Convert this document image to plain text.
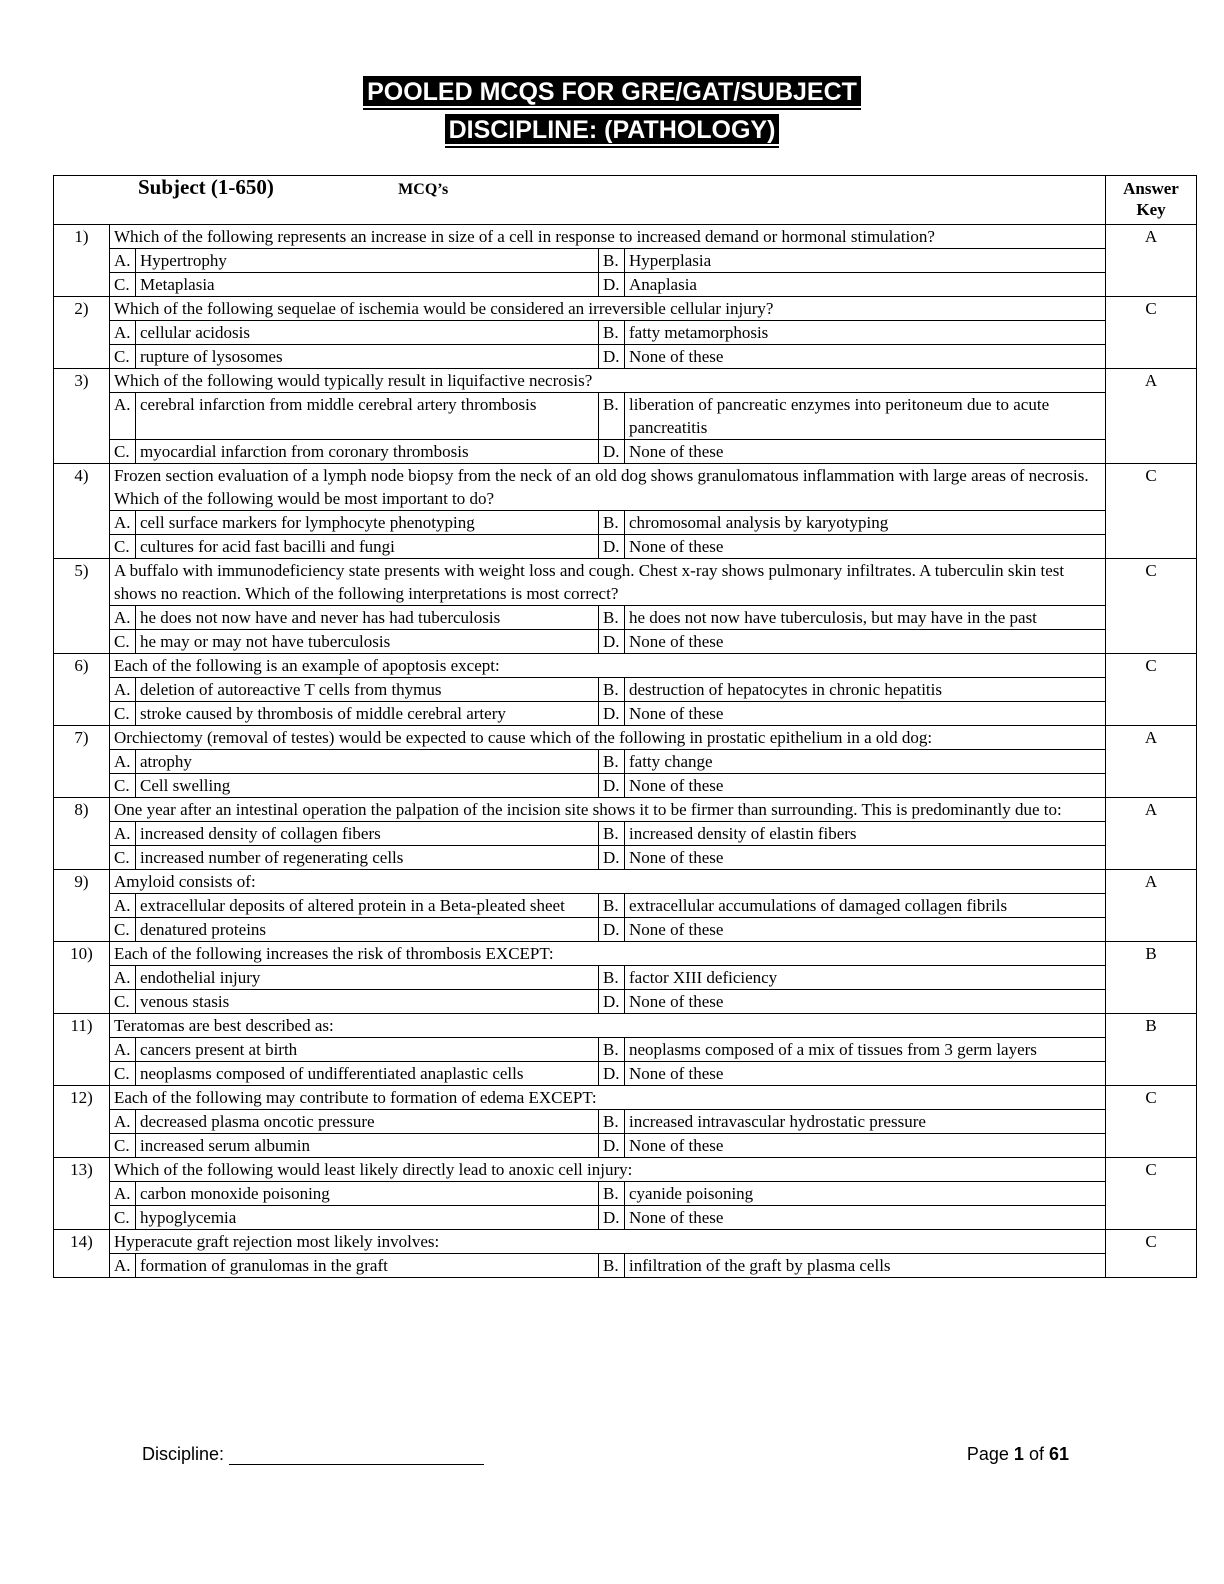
POOLED MCQS FOR GRE/GAT/SUBJECT
DISCIPLINE: (PATHOLOGY)
Subject (1-650) MCQ’s					Answer Key
1)	Which of the following represents an increase in size of a cell in response to increased demand or hormonal stimulation?				A
	A.	Hypertrophy	B.	Hyperplasia	
	C.	Metaplasia	D.	Anaplasia	
2)	Which of the following sequelae of ischemia would be considered an irreversible cellular injury?				C
	A.	cellular acidosis	B.	fatty metamorphosis	
	C.	rupture of lysosomes	D.	None of these	
3)	Which of the following would typically result in liquifactive necrosis?				A
	A.	cerebral infarction from middle cerebral artery thrombosis	B.	liberation of pancreatic enzymes into peritoneum due to acute pancreatitis	
	C.	myocardial infarction from coronary thrombosis	D.	None of these	
4)	Frozen section evaluation of a lymph node biopsy from the neck of an old dog shows granulomatous inflammation with large areas of necrosis. Which of the following would be most important to do?				C
	A.	cell surface markers for lymphocyte phenotyping	B.	chromosomal analysis by karyotyping	
	C.	cultures for acid fast bacilli and fungi	D.	None of these	
5)	A buffalo with immunodeficiency state presents with weight loss and cough. Chest x-ray shows pulmonary infiltrates. A tuberculin skin test shows no reaction. Which of the following interpretations is most correct?				C
	A.	he does not now have and never has had tuberculosis	B.	he does not now have tuberculosis, but may have in the past	
	C.	he may or may not have tuberculosis	D.	None of these	
6)	Each of the following is an example of apoptosis except:				C
	A.	deletion of autoreactive T cells from thymus	B.	destruction of hepatocytes in chronic hepatitis	
	C.	stroke caused by thrombosis of middle cerebral artery	D.	None of these	
7)	Orchiectomy (removal of testes) would be expected to cause which of the following in prostatic epithelium in a old dog:				A
	A.	atrophy	B.	fatty change	
	C.	Cell swelling	D.	None of these	
8)	One year after an intestinal operation the palpation of the incision site shows it to be firmer than surrounding. This is predominantly due to:				A
	A.	increased density of collagen fibers	B.	increased density of elastin fibers	
	C.	increased number of regenerating cells	D.	None of these	
9)	Amyloid consists of:				A
	A.	extracellular deposits of altered protein in a Beta-pleated sheet	B.	extracellular accumulations of damaged collagen fibrils	
	C.	denatured proteins	D.	None of these	
10)	Each of the following increases the risk of thrombosis EXCEPT:				B
	A.	endothelial injury	B.	factor XIII deficiency	
	C.	venous stasis	D.	None of these	
11)	Teratomas are best described as:				B
	A.	cancers present at birth	B.	neoplasms composed of a mix of tissues from 3 germ layers	
	C.	neoplasms composed of undifferentiated anaplastic cells	D.	None of these	
12)	Each of the following may contribute to formation of edema EXCEPT:				C
	A.	decreased plasma oncotic pressure	B.	increased intravascular hydrostatic pressure	
	C.	increased serum albumin	D.	None of these	
13)	Which of the following would least likely directly lead to anoxic cell injury:				C
	A.	carbon monoxide poisoning	B.	cyanide poisoning	
	C.	hypoglycemia	D.	None of these	
14)	Hyperacute graft rejection most likely involves:				C
	A.	formation of granulomas in the graft	B.	infiltration of the graft by plasma cells	
Discipline:	Page 1 of 61
